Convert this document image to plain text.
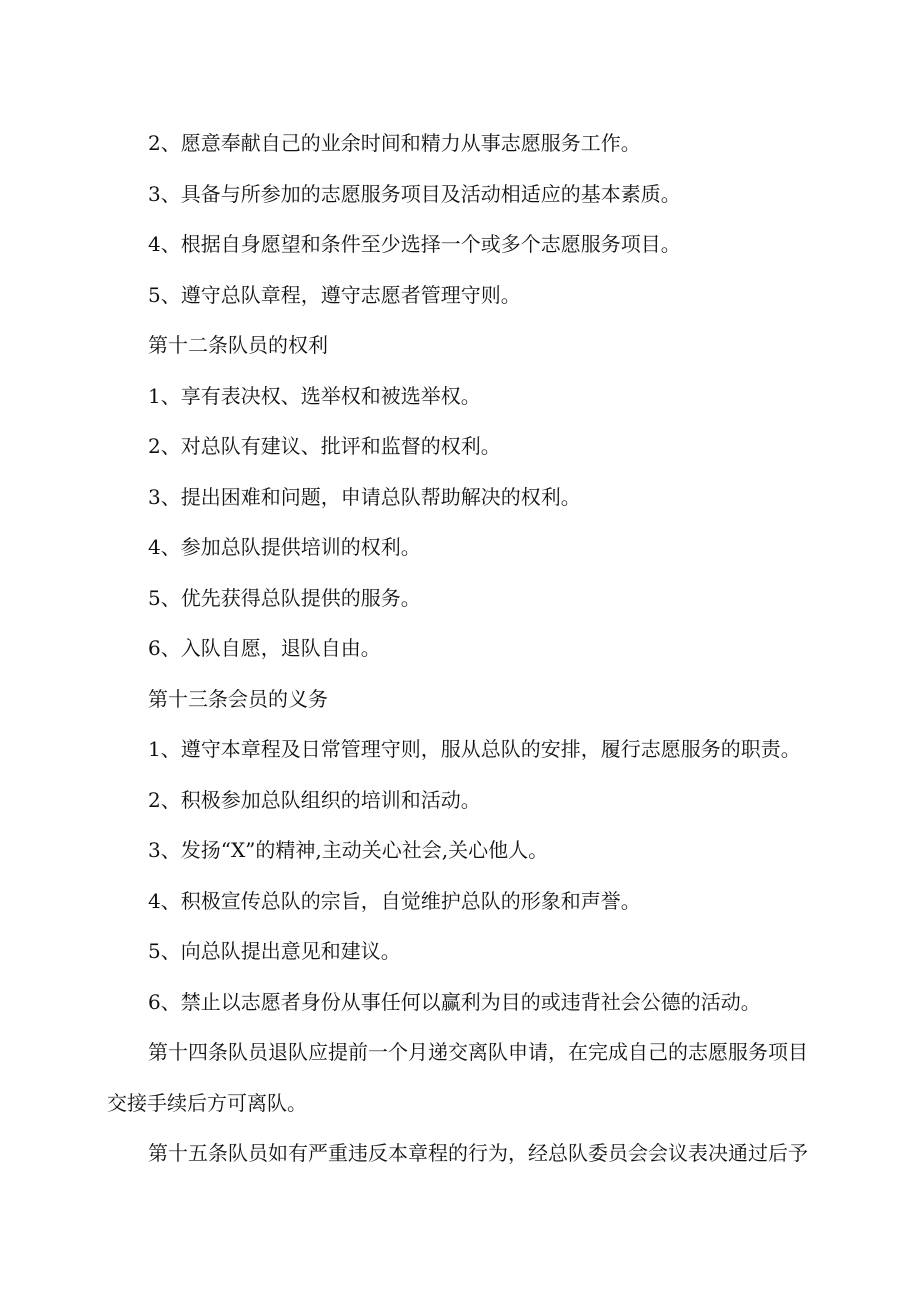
2、愿意奉献自己的业余时间和精力从事志愿服务工作。

3、具备与所参加的志愿服务项目及活动相适应的基本素质。

4、根据自身愿望和条件至少选择一个或多个志愿服务项目。

5、遵守总队章程，遵守志愿者管理守则。

第十二条队员的权利

1、享有表决权、选举权和被选举权。

2、对总队有建议、批评和监督的权利。

3、提出困难和问题，申请总队帮助解决的权利。

4、参加总队提供培训的权利。

5、优先获得总队提供的服务。

6、入队自愿，退队自由。

第十三条会员的义务

1、遵守本章程及日常管理守则，服从总队的安排，履行志愿服务的职责。

2、积极参加总队组织的培训和活动。

3、发扬“X”的精神,主动关心社会,关心他人。

4、积极宣传总队的宗旨，自觉维护总队的形象和声誉。

5、向总队提出意见和建议。

6、禁止以志愿者身份从事任何以赢利为目的或违背社会公德的活动。

第十四条队员退队应提前一个月递交离队申请，在完成自己的志愿服务项目
交接手续后方可离队。
第十五条队员如有严重违反本章程的行为，经总队委员会会议表决通过后予
